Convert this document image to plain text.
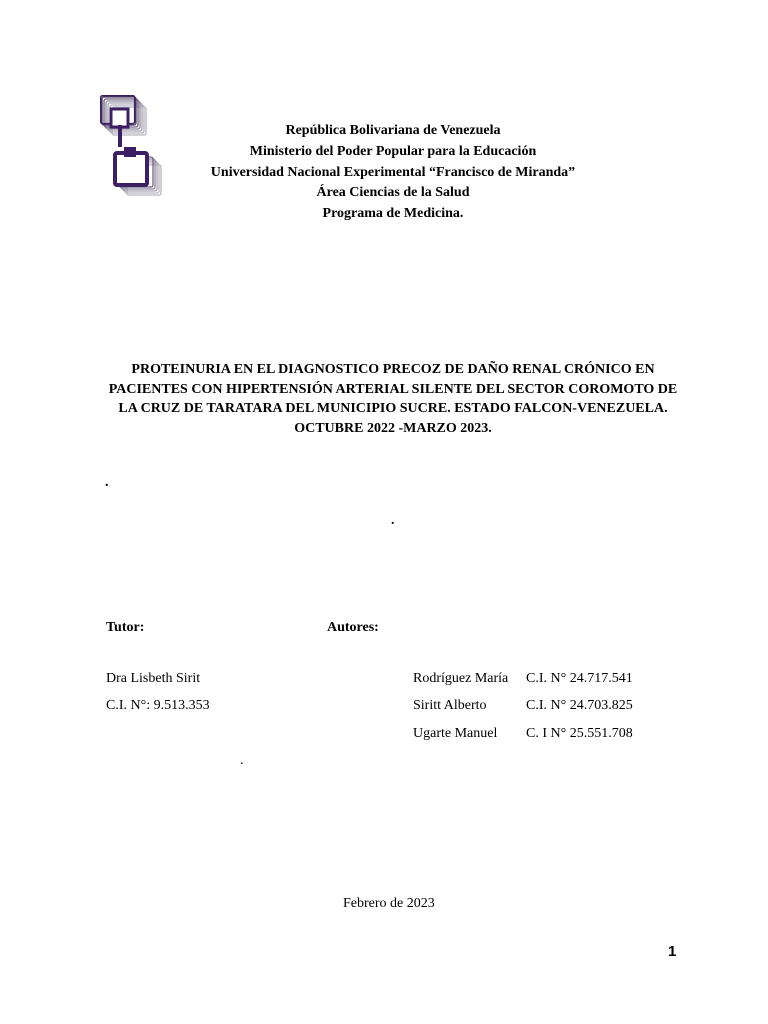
República Bolivariana de Venezuela
Ministerio del Poder Popular para la Educación
Universidad Nacional Experimental “Francisco de Miranda”
Área Ciencias de la Salud
Programa de Medicina.
PROTEINURIA EN EL DIAGNOSTICO PRECOZ DE DAÑO RENAL CRÓNICO EN
PACIENTES CON HIPERTENSIÓN ARTERIAL SILENTE DEL SECTOR COROMOTO DE
LA CRUZ DE TARATARA DEL MUNICIPIO SUCRE. ESTADO FALCON-VENEZUELA.
OCTUBRE 2022 -MARZO 2023.
.
.
Tutor:	Autores:
Dra Lisbeth Sirit
C.I. N°: 9.513.353
Rodríguez María C.I. N° 24.717.541
Siritt Alberto	C.I. N° 24.703.825
Ugarte Manuel C. I N° 25.551.708
.
Febrero de 2023
1
